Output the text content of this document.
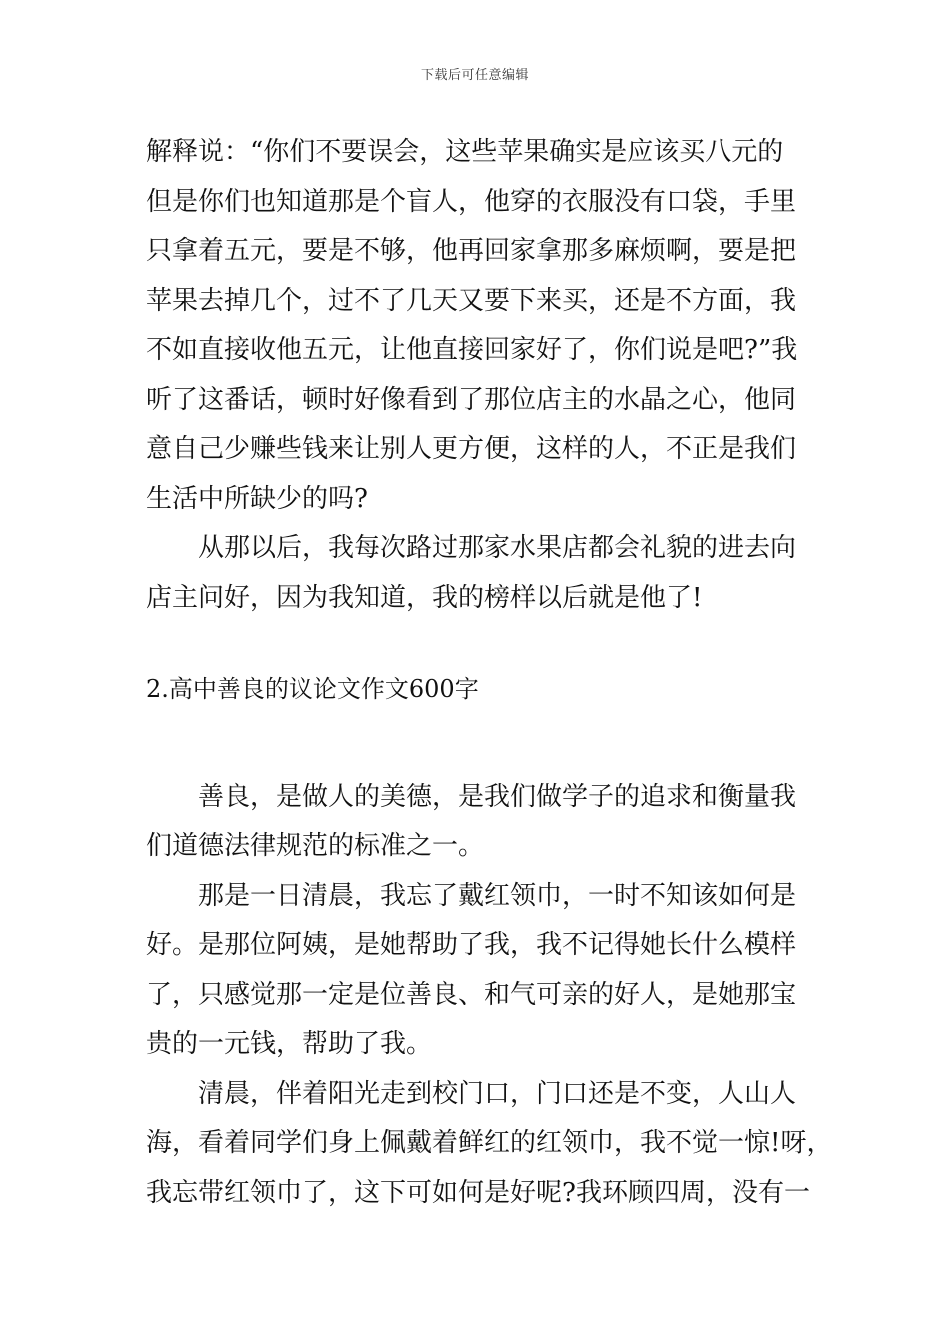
下载后可任意编辑
解释说：“你们不要误会，这些苹果确实是应该买八元的
但是你们也知道那是个盲人，他穿的衣服没有口袋，手里
只拿着五元，要是不够，他再回家拿那多麻烦啊，要是把
苹果去掉几个，过不了几天又要下来买，还是不方面，我
不如直接收他五元，让他直接回家好了，你们说是吧?”我
听了这番话，顿时好像看到了那位店主的水晶之心，他同
意自己少赚些钱来让别人更方便，这样的人，不正是我们
生活中所缺少的吗?
　　从那以后，我每次路过那家水果店都会礼貌的进去向
店主问好，因为我知道，我的榜样以后就是他了!
2.高中善良的议论文作文600字
　　善良，是做人的美德，是我们做学子的追求和衡量我
们道德法律规范的标准之一。
　　那是一日清晨，我忘了戴红领巾，一时不知该如何是
好。是那位阿姨，是她帮助了我，我不记得她长什么模样
了，只感觉那一定是位善良、和气可亲的好人，是她那宝
贵的一元钱，帮助了我。
　　清晨，伴着阳光走到校门口，门口还是不变，人山人
海，看着同学们身上佩戴着鲜红的红领巾，我不觉一惊!呀，
我忘带红领巾了，这下可如何是好呢?我环顾四周，没有一
